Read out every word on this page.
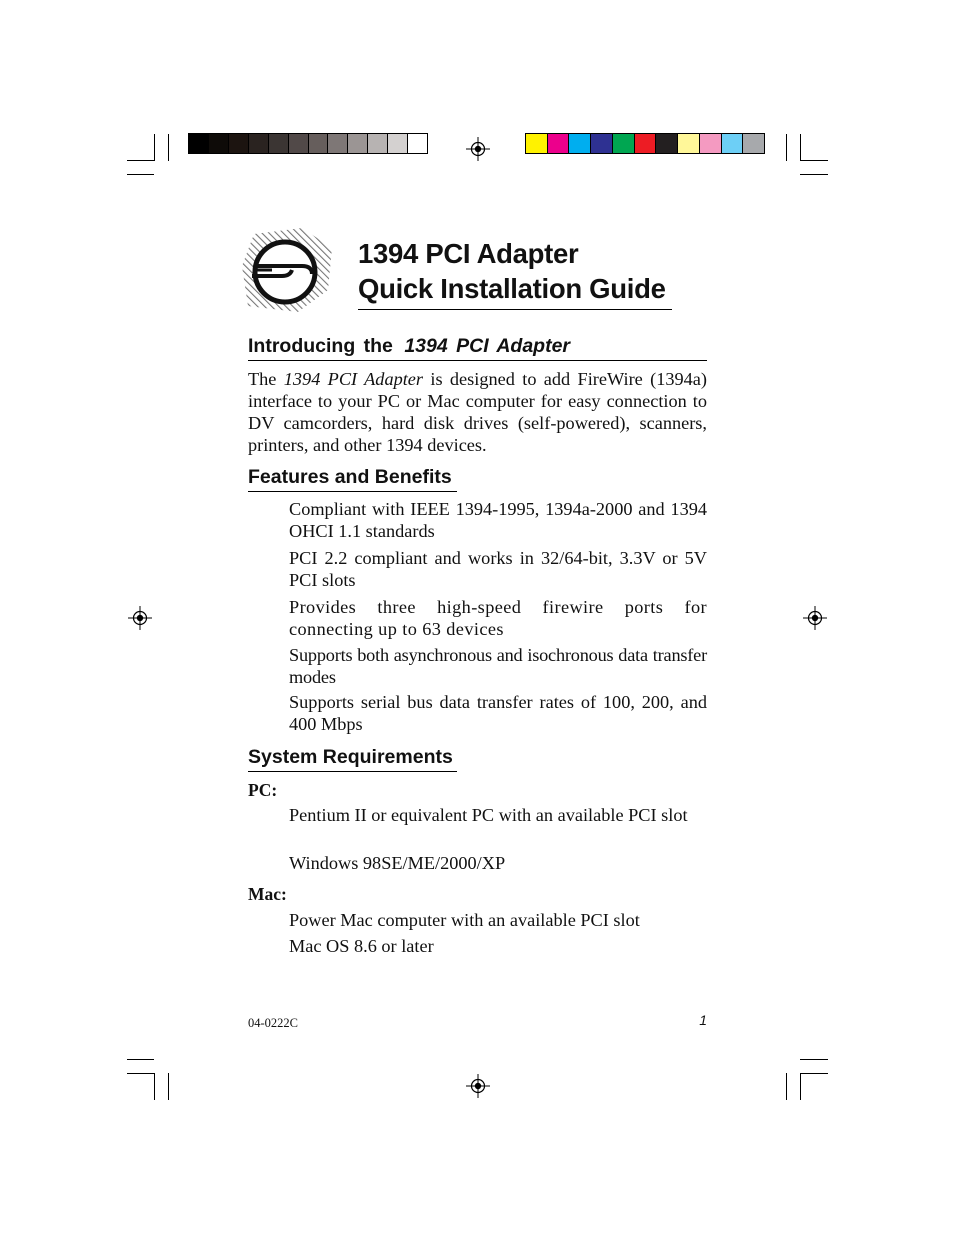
1394 PCI Adapter
Quick Installation Guide
Introducing the 1394 PCI Adapter
The 1394 PCI Adapter is designed to add FireWire (1394a) interface to your PC or Mac computer for easy connection to DV camcorders, hard disk drives (self-powered), scanners, printers, and other 1394 devices.
Features and Benefits
Compliant with IEEE 1394-1995, 1394a-2000 and 1394 OHCI 1.1 standards
PCI 2.2 compliant and works in 32/64-bit, 3.3V or 5V PCI slots
Provides three high-speed firewire ports for connecting up to 63 devices
Supports both asynchronous and isochronous data transfer modes
Supports serial bus data transfer rates of 100, 200, and 400 Mbps
System Requirements
PC:
Pentium II or equivalent PC with an available PCI slot
Windows 98SE/ME/2000/XP
Mac:
Power Mac computer with an available PCI slot
Mac OS 8.6 or later
04-0222C	1
